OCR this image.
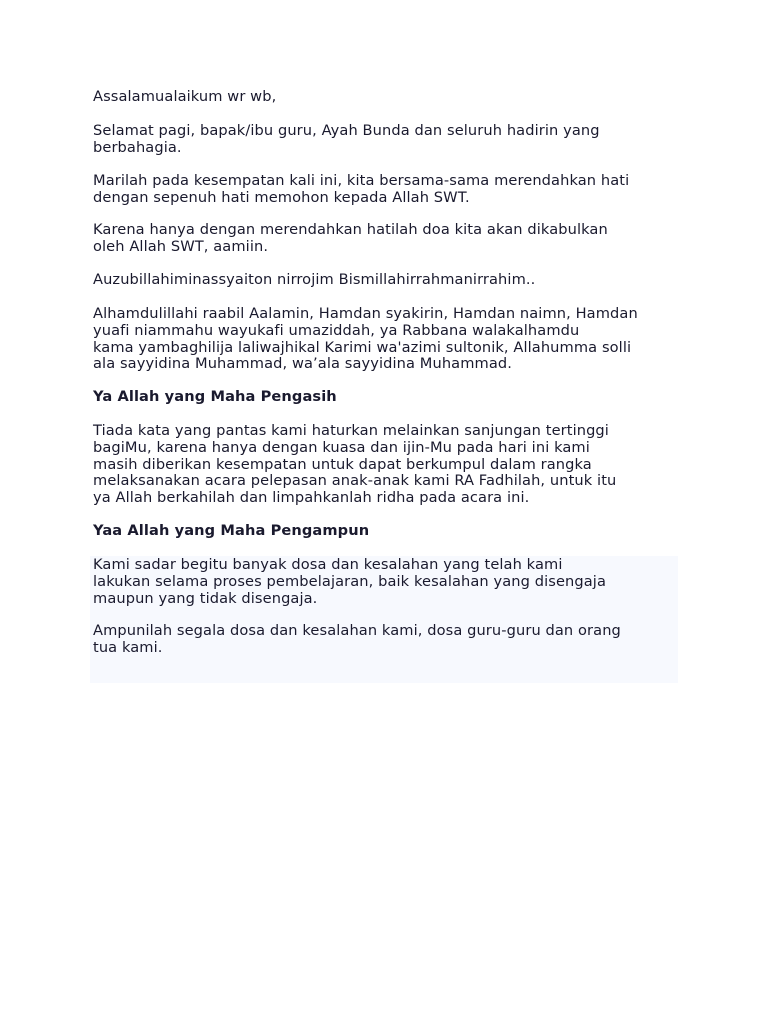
Assalamualaikum wr wb,
Selamat pagi, bapak/ibu guru, Ayah Bunda dan seluruh hadirin yang
berbahagia.
Marilah pada kesempatan kali ini, kita bersama-sama merendahkan hati
dengan sepenuh hati memohon kepada Allah SWT.
Karena hanya dengan merendahkan hatilah doa kita akan dikabulkan
oleh Allah SWT, aamiin.
Auzubillahiminassyaiton nirrojim Bismillahirrahmanirrahim..
Alhamdulillahi raabil Aalamin, Hamdan syakirin, Hamdan naimn, Hamdan
yuafi niammahu wayukafi umaziddah, ya Rabbana walakalhamdu
kama yambaghilija laliwajhikal Karimi wa'azimi sultonik, Allahumma solli
ala sayyidina Muhammad, wa’ala sayyidina Muhammad.
Ya Allah yang Maha Pengasih
Tiada kata yang pantas kami haturkan melainkan sanjungan tertinggi
bagiMu, karena hanya dengan kuasa dan ijin-Mu pada hari ini kami
masih diberikan kesempatan untuk dapat berkumpul dalam rangka
melaksanakan acara pelepasan anak-anak kami RA Fadhilah, untuk itu
ya Allah berkahilah dan limpahkanlah ridha pada acara ini.
Yaa Allah yang Maha Pengampun
Kami sadar begitu banyak dosa dan kesalahan yang telah kami
lakukan selama proses pembelajaran, baik kesalahan yang disengaja
maupun yang tidak disengaja.
Ampunilah segala dosa dan kesalahan kami, dosa guru-guru dan orang
tua kami.
